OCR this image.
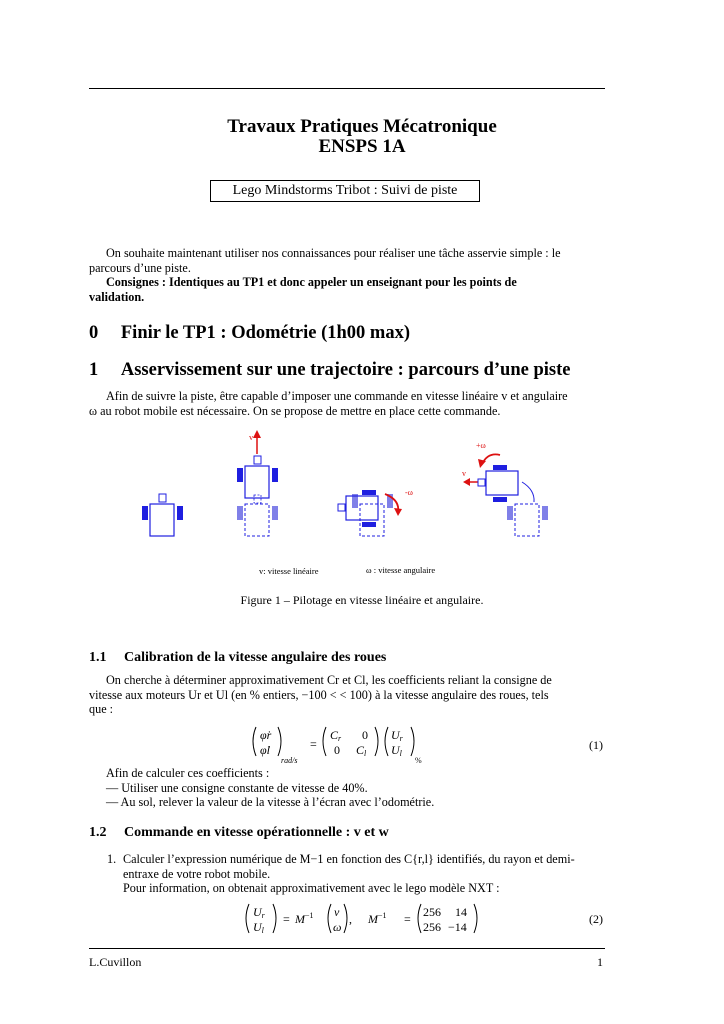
Travaux Pratiques Mécatronique
ENSPS 1A
Lego Mindstorms Tribot : Suivi de piste
On souhaite maintenant utiliser nos connaissances pour réaliser une tâche asservie simple : le
parcours d’une piste.
Consignes : Identiques au TP1 et donc appeler un enseignant pour les points de
validation.
0 Finir le TP1 : Odométrie (1h00 max)
1 Asservissement sur une trajectoire : parcours d’une piste
Afin de suivre la piste, être capable d’imposer une commande en vitesse linéaire v et angulaire
ω au robot mobile est nécessaire. On se propose de mettre en place cette commande.
-ω
+ω
v
v: vitesse linéaire	ω : vitesse angulaire
v
Figure 1 – Pilotage en vitesse linéaire et angulaire.
1.1 Calibration de la vitesse angulaire des roues
On cherche à déterminer approximativement Cr et Cl, les coefficients reliant la consigne de
vitesse aux moteurs Ur et Ul (en % entiers, −100 < < 100) à la vitesse angulaire des roues, tels
que :
φ̇r
φ̇l	=
Cr 0
0 Cl
Ur
Ul
rad/s	%
(1)
Afin de calculer ces coefficients :
— Utiliser une consigne constante de vitesse de 40%.
— Au sol, relever la valeur de la vitesse à l’écran avec l’odométrie.
1.2 Commande en vitesse opérationnelle : v et w
1. Calculer l’expression numérique de M−1 en fonction des C{r,l} identifiés, du rayon et demi-
entraxe de votre robot mobile.
Pour information, on obtenait approximativement avec le lego modèle NXT :
Ur
Ul
= $M^{-1}$ v
ω
, $M^{-1} = 256$ 14
256 −14
(2)
L.Cuvillon	1
